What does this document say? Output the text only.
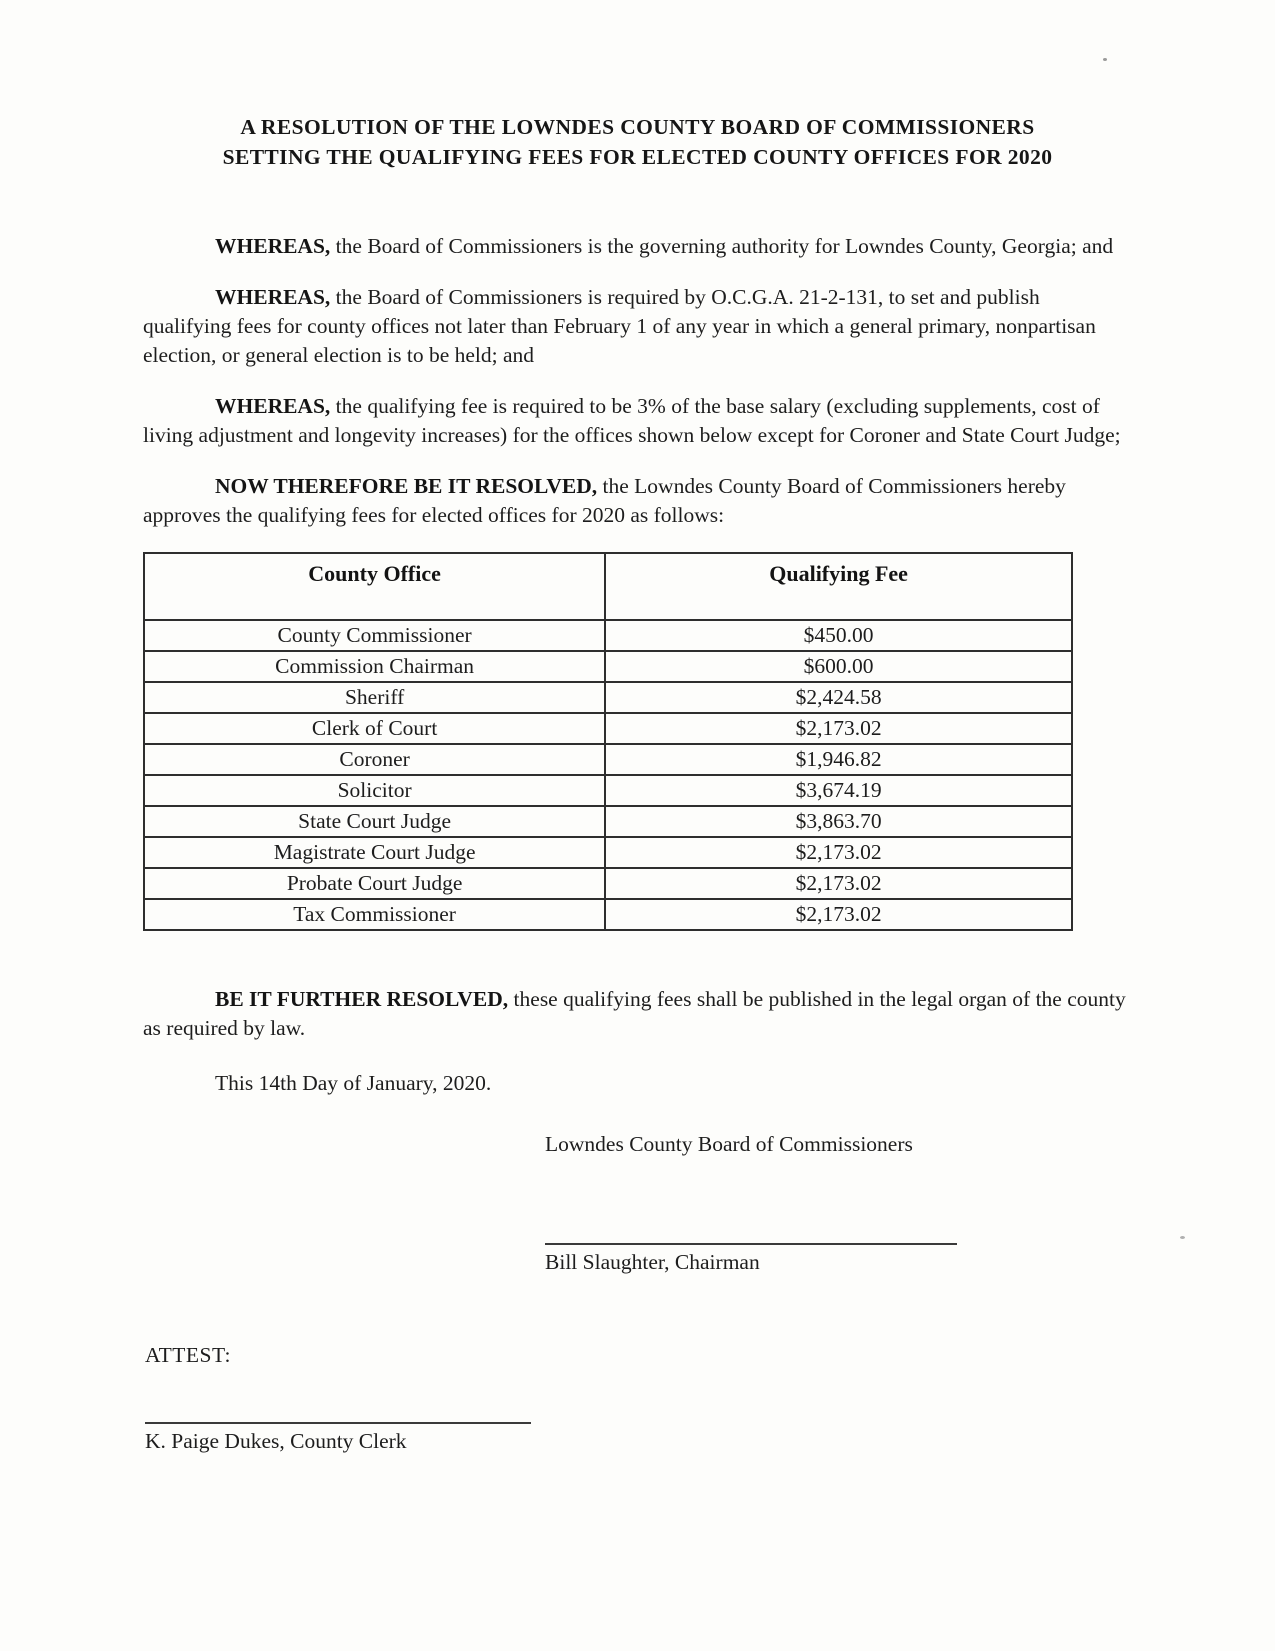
A RESOLUTION OF THE LOWNDES COUNTY BOARD OF COMMISSIONERS
SETTING THE QUALIFYING FEES FOR ELECTED COUNTY OFFICES FOR 2020

WHEREAS, the Board of Commissioners is the governing authority for Lowndes County, Georgia; and

WHEREAS, the Board of Commissioners is required by O.C.G.A. 21-2-131, to set and publish qualifying fees for county offices not later than February 1 of any year in which a general primary, nonpartisan election, or general election is to be held; and

WHEREAS, the qualifying fee is required to be 3% of the base salary (excluding supplements, cost of living adjustment and longevity increases) for the offices shown below except for Coroner and State Court Judge;

NOW THEREFORE BE IT RESOLVED, the Lowndes County Board of Commissioners hereby approves the qualifying fees for elected offices for 2020 as follows:

County Office	Qualifying Fee
County Commissioner	$450.00
Commission Chairman	$600.00
Sheriff	$2,424.58
Clerk of Court	$2,173.02
Coroner	$1,946.82
Solicitor	$3,674.19
State Court Judge	$3,863.70
Magistrate Court Judge	$2,173.02
Probate Court Judge	$2,173.02
Tax Commissioner	$2,173.02

BE IT FURTHER RESOLVED, these qualifying fees shall be published in the legal organ of the county as required by law.

This 14th Day of January, 2020.
Lowndes County Board of Commissioners
Bill Slaughter, Chairman
ATTEST:
K. Paige Dukes, County Clerk
